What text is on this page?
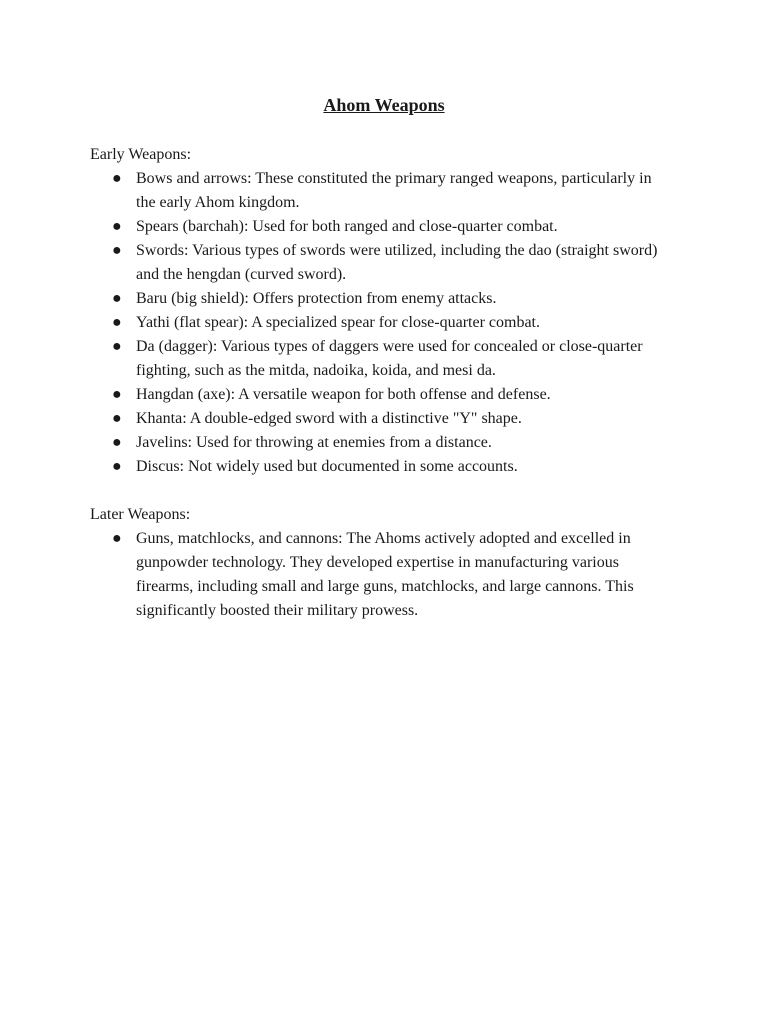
Ahom Weapons

Early Weapons:

● Bows and arrows: These constituted the primary ranged weapons, particularly in the early Ahom kingdom.
● Spears (barchah): Used for both ranged and close-quarter combat.
● Swords: Various types of swords were utilized, including the dao (straight sword) and the hengdan (curved sword).
● Baru (big shield): Offers protection from enemy attacks.
● Yathi (flat spear): A specialized spear for close-quarter combat.
● Da (dagger): Various types of daggers were used for concealed or close-quarter fighting, such as the mitda, nadoika, koida, and mesi da.
● Hangdan (axe): A versatile weapon for both offense and defense.
● Khanta: A double-edged sword with a distinctive "Y" shape.
● Javelins: Used for throwing at enemies from a distance.
● Discus: Not widely used but documented in some accounts.

Later Weapons:

● Guns, matchlocks, and cannons: The Ahoms actively adopted and excelled in gunpowder technology. They developed expertise in manufacturing various firearms, including small and large guns, matchlocks, and large cannons. This significantly boosted their military prowess.
